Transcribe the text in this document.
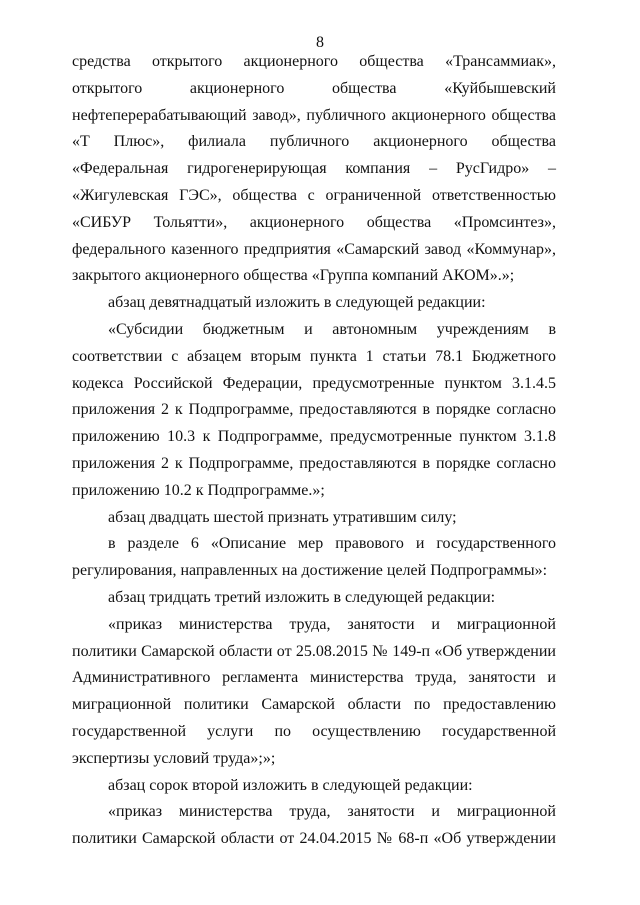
8

средства открытого акционерного общества «Трансаммиак», открытого акционерного общества «Куйбышевский нефтеперерабатывающий завод», публичного акционерного общества «Т Плюс», филиала публичного акционерного общества «Федеральная гидрогенерирующая компания – РусГидро» – «Жигулевская ГЭС», общества с ограниченной ответственностью «СИБУР Тольятти», акционерного общества «Промсинтез», федерального казенного предприятия «Самарский завод «Коммунар», закрытого акционерного общества «Группа компаний АКОМ».»;

абзац девятнадцатый изложить в следующей редакции:

«Субсидии бюджетным и автономным учреждениям в соответствии с абзацем вторым пункта 1 статьи 78.1 Бюджетного кодекса Российской Федерации, предусмотренные пунктом 3.1.4.5 приложения 2 к Подпрограмме, предоставляются в порядке согласно приложению 10.3 к Подпрограмме, предусмотренные пунктом 3.1.8 приложения 2 к Подпрограмме, предоставляются в порядке согласно приложению 10.2 к Подпрограмме.»;

абзац двадцать шестой признать утратившим силу;

в разделе 6 «Описание мер правового и государственного регулирования, направленных на достижение целей Подпрограммы»:

абзац тридцать третий изложить в следующей редакции:

«приказ министерства труда, занятости и миграционной политики Самарской области от 25.08.2015 № 149-п «Об утверждении Административного регламента министерства труда, занятости и миграционной политики Самарской области по предоставлению государственной услуги по осуществлению государственной экспертизы условий труда»;»;

абзац сорок второй изложить в следующей редакции:

«приказ министерства труда, занятости и миграционной политики Самарской области от 24.04.2015 № 68-п «Об утверждении
